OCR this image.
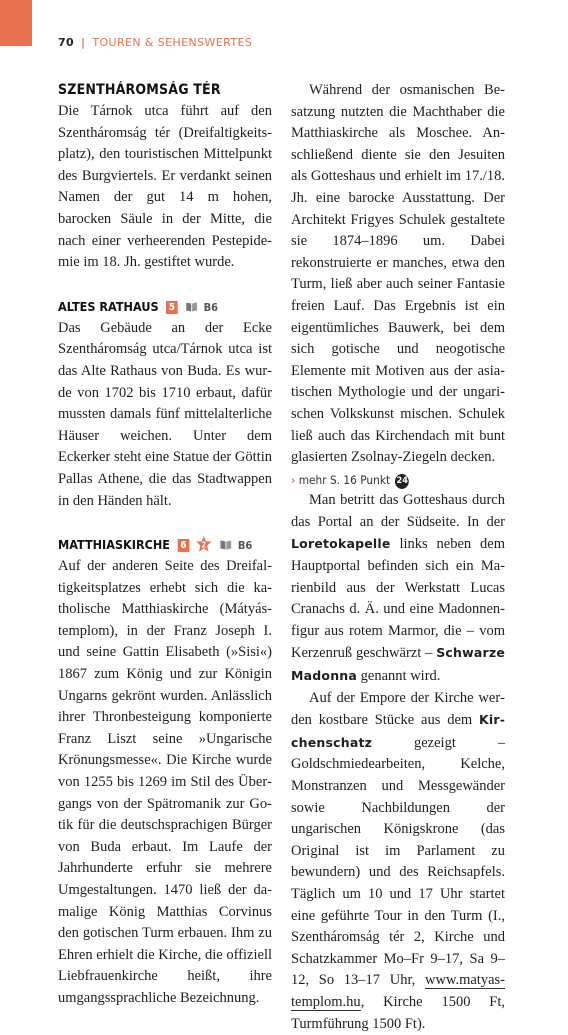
70 | TOUREN & SEHENSWERTES
SZENTHÁROMSÁG TÉR

Die Tárnok utca führt auf den Szentháromság tér (Dreifaltigkeitsplatz), den touristischen Mittelpunkt des Burgviertels. Er verdankt seinen Namen der gut 14 m hohen, barocken Säule in der Mitte, die nach einer verheerenden Pestepidemie im 18. Jh. gestiftet wurde.

ALTES RATHAUS 5	B6

Das Gebäude an der Ecke Szentháromság utca/Tárnok utca ist das Alte Rathaus von Buda. Es wurde von 1702 bis 1710 erbaut, dafür mussten damals fünf mittelalterliche Häuser weichen. Unter dem Eckerker steht eine Statue der Göttin Pallas Athene, die das Stadtwappen in den Händen hält.

MATTHIASKIRCHE 6 2	B6

Auf der anderen Seite des Dreifaltigkeitsplatzes erhebt sich die katholische Matthiaskirche (Mátyástemplom), in der Franz Joseph I. und seine Gattin Elisabeth (»Sisi«) 1867 zum König und zur Königin Ungarns gekrönt wurden. Anlässlich ihrer Thronbesteigung komponierte Franz Liszt seine »Ungarische Krönungsmesse«. Die Kirche wurde von 1255 bis 1269 im Stil des Übergangs von der Spätromanik zur Gotik für die deutschsprachigen Bürger von Buda erbaut. Im Laufe der Jahrhunderte erfuhr sie mehrere Umgestaltungen. 1470 ließ der damalige König Matthias Corvinus den gotischen Turm erbauen. Ihm zu Ehren erhielt die Kirche, die offiziell Liebfrauenkirche heißt, ihre umgangssprachliche Bezeichnung.

Während der osmanischen Besatzung nutzten die Machthaber die Matthiaskirche als Moschee. Anschließend diente sie den Jesuiten als Gotteshaus und erhielt im 17./18. Jh. eine barocke Ausstattung. Der Architekt Frigyes Schulek gestaltete sie 1874–1896 um. Dabei rekonstruierte er manches, etwa den Turm, ließ aber auch seiner Fantasie freien Lauf. Das Ergebnis ist ein eigentümliches Bauwerk, bei dem sich gotische und neogotische Elemente mit Motiven aus der asiatischen Mythologie und der ungarischen Volkskunst mischen. Schulek ließ auch das Kirchendach mit bunt glasierten Zsolnay-Ziegeln decken.

› mehr S. 16 Punkt 24

Man betritt das Gotteshaus durch das Portal an der Südseite. In der Loretokapelle links neben dem Hauptportal befinden sich ein Marienbild aus der Werkstatt Lucas Cranachs d. Ä. und eine Madonnenfigur aus rotem Marmor, die – vom Kerzenruß geschwärzt – Schwarze Madonna genannt wird.

Auf der Empore der Kirche werden kostbare Stücke aus dem Kirchenschatz	gezeigt – Goldschmiedearbeiten, Kelche, Monstranzen und Messgewänder sowie Nachbildungen der ungarischen Königskrone (das Original ist im Parlament zu bewundern) und des Reichsapfels. Täglich um 10 und 17 Uhr startet eine geführte Tour in den Turm (I., Szentháromság tér 2, Kirche und Schatzkammer Mo–Fr 9–17, Sa 9–12, So 13–17 Uhr, www.​matyas-templom.hu, Kirche 1500 Ft, Turmführung 1500 Ft).
